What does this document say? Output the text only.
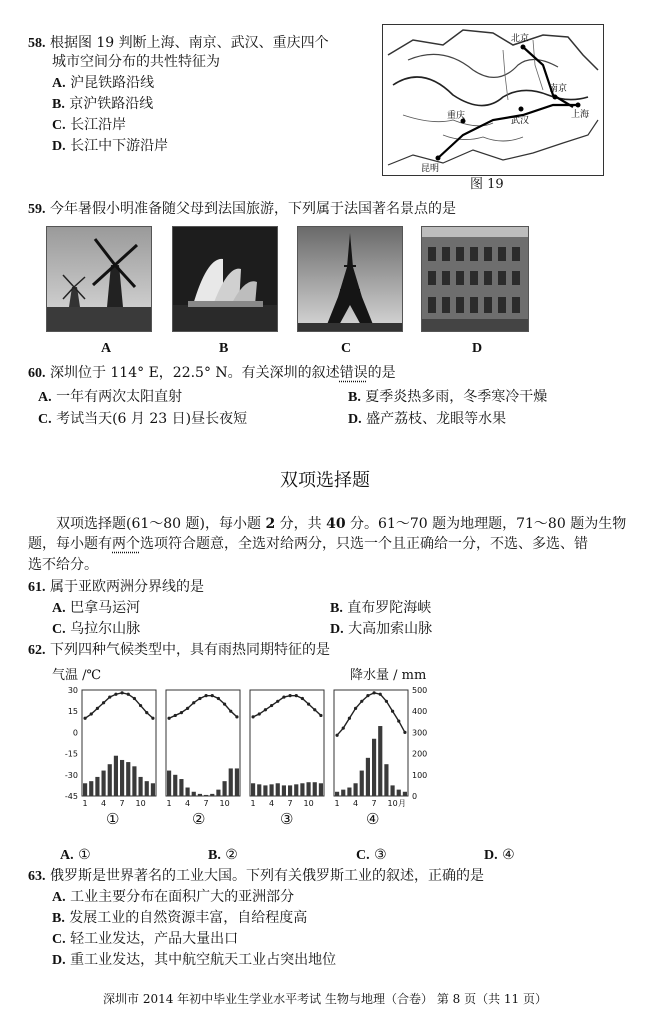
58. 根据图 19 判断上海、南京、武汉、重庆四个
城市空间分布的共性特征为
A. 沪昆铁路沿线
B. 京沪铁路沿线
C. 长江沿岸
D. 长江中下游沿岸
北京
南京
上海
武汉
重庆
昆明
图 19
59. 今年暑假小明准备随父母到法国旅游，下列属于法国著名景点的是
A	B	C	D
60. 深圳位于 114° E，22.5° N。有关深圳的叙述错误的是
A. 一年有两次太阳直射	B. 夏季炎热多雨，冬季寒冷干燥
C. 考试当天(6 月 23 日)昼长夜短	D. 盛产荔枝、龙眼等水果
双项选择题
双项选择题(61～80 题)，每小题 2 分，共 40 分。61～70 题为地理题，71～80 题为生物
题，每小题有两个选项符合题意，全选对给两分，只选一个且正确给一分，不选、多选、错
选不给分。
61. 属于亚欧两洲分界线的是
A. 巴拿马运河	B. 直布罗陀海峡
C. 乌拉尔山脉	D. 大高加索山脉
62. 下列四种气候类型中，具有雨热同期特征的是
气温 /℃	降水量 / mm
1 4 7 10	1 4 7 10	1 4 7 10	1 4 7 10 月
30
15
0
-15
-30
-45
500
400
300
200
100
0
①	②	③	④
A. ①	B. ②	C. ③	D. ④
63. 俄罗斯是世界著名的工业大国。下列有关俄罗斯工业的叙述，正确的是
A. 工业主要分布在面积广大的亚洲部分
B. 发展工业的自然资源丰富，自给程度高
C. 轻工业发达，产品大量出口
D. 重工业发达，其中航空航天工业占突出地位
深圳市 2014 年初中毕业生学业水平考试 生物与地理（合卷） 第 8 页（共 11 页）
